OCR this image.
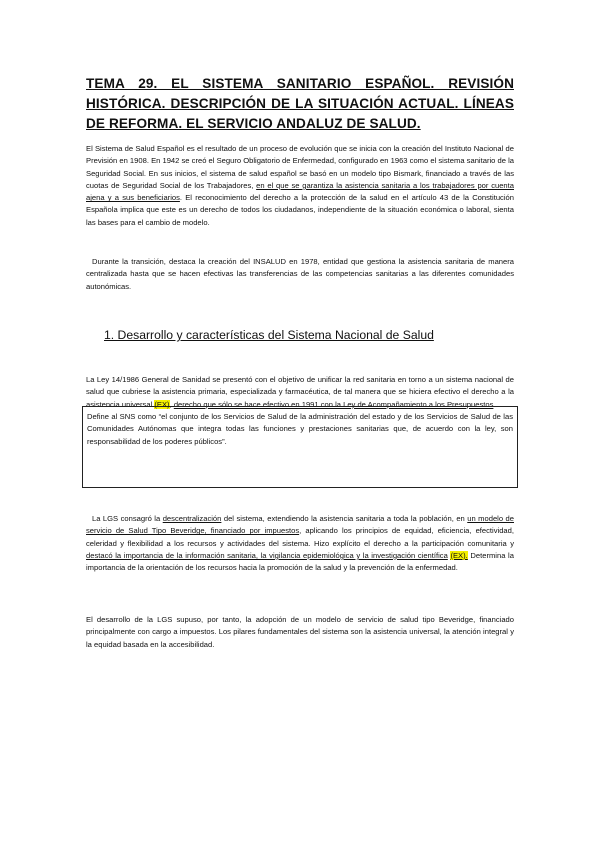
TEMA 29. EL SISTEMA SANITARIO ESPAÑOL. REVISIÓN HISTÓRICA. DESCRIPCIÓN DE LA SITUACIÓN ACTUAL. LÍNEAS DE REFORMA. EL SERVICIO ANDALUZ DE SALUD.
El Sistema de Salud Español es el resultado de un proceso de evolución que se inicia con la creación del Instituto Nacional de Previsión en 1908. En 1942 se creó el Seguro Obligatorio de Enfermedad, configurado en 1963 como el sistema sanitario de la Seguridad Social. En sus inicios, el sistema de salud español se basó en un modelo tipo Bismark, financiado a través de las cuotas de Seguridad Social de los Trabajadores, en el que se garantiza la asistencia sanitaria a los trabajadores por cuenta ajena y a sus beneficiarios. El reconocimiento del derecho a la protección de la salud en el artículo 43 de la Constitución Española implica que este es un derecho de todos los ciudadanos, independiente de la situación económica o laboral, sienta las bases para el cambio de modelo.
Durante la transición, destaca la creación del INSALUD en 1978, entidad que gestiona la asistencia sanitaria de manera centralizada hasta que se hacen efectivas las transferencias de las competencias sanitarias a las diferentes comunidades autonómicas.
1. Desarrollo y características del Sistema Nacional de Salud
La Ley 14/1986 General de Sanidad se presentó con el objetivo de unificar la red sanitaria en torno a un sistema nacional de salud que cubriese la asistencia primaria, especializada y farmacéutica, de tal manera que se hiciera efectivo el derecho a la asistencia universal (EX), derecho que sólo se hace efectivo en 1991 con la Ley de Acompañamiento a los Presupuestos.
Define al SNS como “el conjunto de los Servicios de Salud de la administración del estado y de los Servicios de Salud de las Comunidades Autónomas que integra todas las funciones y prestaciones sanitarias que, de acuerdo con la ley, son responsabilidad de los poderes públicos”.
La LGS consagró la descentralización del sistema, extendiendo la asistencia sanitaria a toda la población, en un modelo de servicio de Salud Tipo Beveridge, financiado por impuestos, aplicando los principios de equidad, eficiencia, efectividad, celeridad y flexibilidad a los recursos y actividades del sistema. Hizo explícito el derecho a la participación comunitaria y destacó la importancia de la información sanitaria, la vigilancia epidemiológica y la investigación científica (EX). Determina la importancia de la orientación de los recursos hacia la promoción de la salud y la prevención de la enfermedad.
El desarrollo de la LGS supuso, por tanto, la adopción de un modelo de servicio de salud tipo Beveridge, financiado principalmente con cargo a impuestos. Los pilares fundamentales del sistema son la asistencia universal, la atención integral y la equidad basada en la accesibilidad.
